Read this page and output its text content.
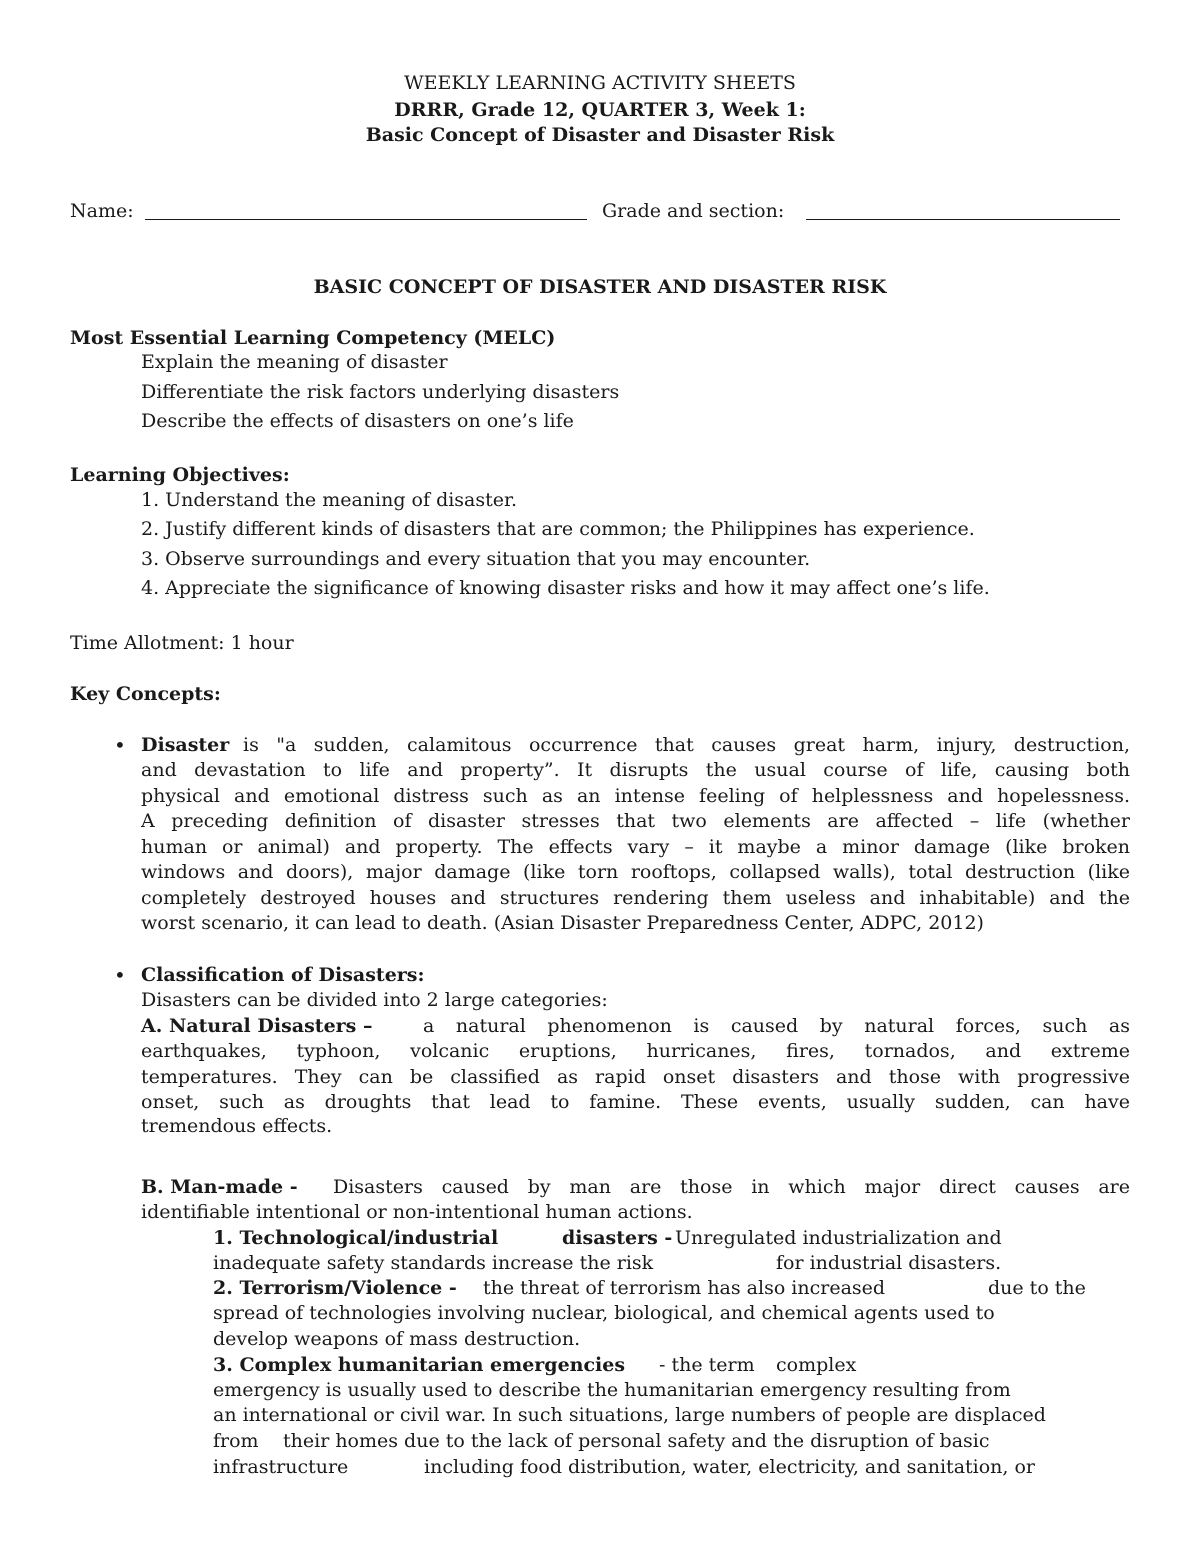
WEEKLY LEARNING ACTIVITY SHEETS
DRRR, Grade 12, QUARTER 3, Week 1:
Basic Concept of Disaster and Disaster Risk
Name:	Grade and section:
BASIC CONCEPT OF DISASTER AND DISASTER RISK
Most Essential Learning Competency (MELC)
Explain the meaning of disaster
Differentiate the risk factors underlying disasters
Describe the effects of disasters on one’s life
Learning Objectives:
1. Understand the meaning of disaster.
2. Justify different kinds of disasters that are common; the Philippines has experience.
3. Observe surroundings and every situation that you may encounter.
4. Appreciate the significance of knowing disaster risks and how it may affect one’s life.
Time Allotment: 1 hour
Key Concepts:
• Disaster is "a sudden, calamitous occurrence that causes great harm, injury, destruction,
and devastation to life and property”. It disrupts the usual course of life, causing both
physical and emotional distress such as an intense feeling of helplessness and hopelessness.
A preceding definition of disaster stresses that two elements are affected – life (whether
human or animal) and property. The effects vary – it maybe a minor damage (like broken
windows and doors), major damage (like torn rooftops, collapsed walls), total destruction (like
completely destroyed houses and structures rendering them useless and inhabitable) and the
worst scenario, it can lead to death. (Asian Disaster Preparedness Center, ADPC, 2012)
• Classification of Disasters:
Disasters can be divided into 2 large categories:
A. Natural Disasters –	a natural phenomenon is caused by natural forces, such as
earthquakes, typhoon, volcanic eruptions, hurricanes, fires, tornados, and extreme
temperatures. They can be classified as rapid onset disasters and those with progressive
onset, such as droughts that lead to famine. These events, usually sudden, can have
tremendous effects.
B. Man-made - Disasters caused by man are those in which major direct causes are
identifiable intentional or non-intentional human actions.
1. Technological/industrial	disasters - Unregulated industrialization and
inadequate safety standards increase the risk	for industrial disasters.
2. Terrorism/Violence - the threat of terrorism has also increased	due to the
spread of technologies involving nuclear, biological, and chemical agents used to
develop weapons of mass destruction.
3. Complex humanitarian emergencies - the term complex
emergency is usually used to describe the humanitarian emergency resulting from
an international or civil war. In such situations, large numbers of people are displaced
from their homes due to the lack of personal safety and the disruption of basic
infrastructure	including food distribution, water, electricity, and sanitation, or
